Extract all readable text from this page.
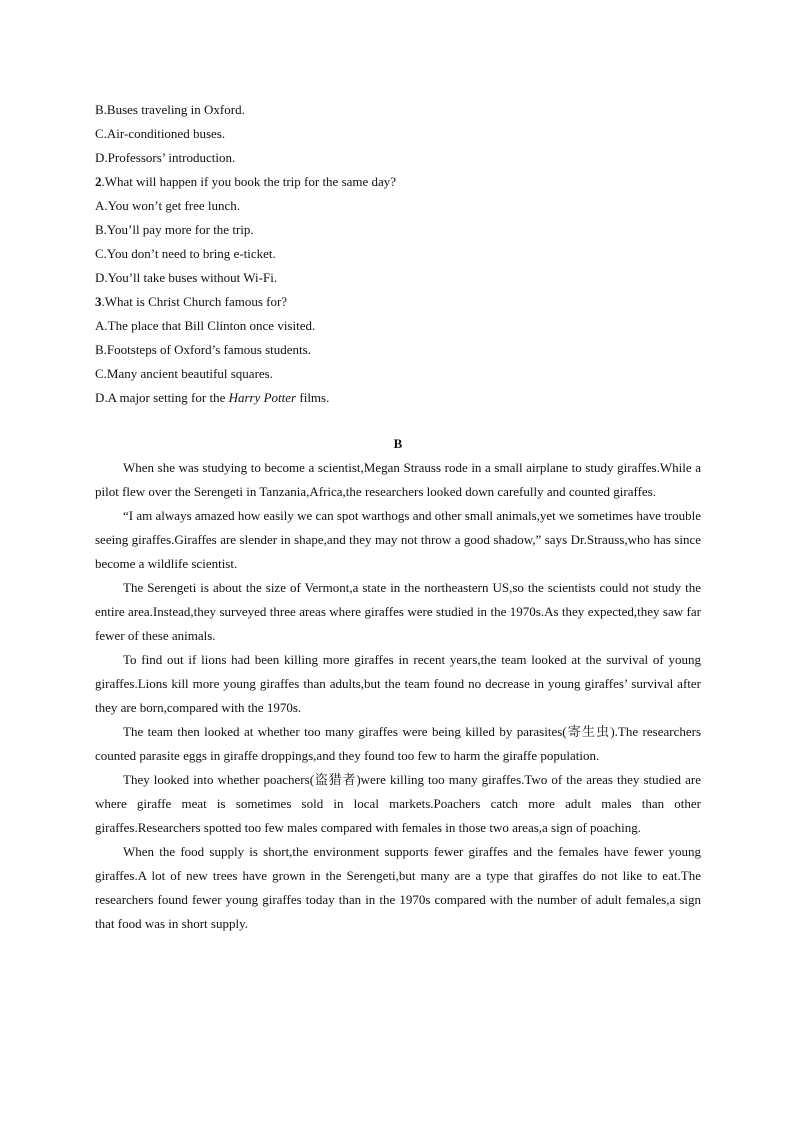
B.Buses traveling in Oxford.
C.Air-conditioned buses.
D.Professors’ introduction.
2.What will happen if you book the trip for the same day?
A.You won’t get free lunch.
B.You’ll pay more for the trip.
C.You don’t need to bring e-ticket.
D.You’ll take buses without Wi-Fi.
3.What is Christ Church famous for?
A.The place that Bill Clinton once visited.
B.Footsteps of Oxford’s famous students.
C.Many ancient beautiful squares.
D.A major setting for the Harry Potter films.
B

When she was studying to become a scientist,Megan Strauss rode in a small airplane to study giraffes.While a pilot flew over the Serengeti in Tanzania,Africa,the researchers looked down carefully and counted giraffes.

“I am always amazed how easily we can spot warthogs and other small animals,yet we sometimes have trouble seeing giraffes.Giraffes are slender in shape,and they may not throw a good shadow,” says Dr.Strauss,who has since become a wildlife scientist.

The Serengeti is about the size of Vermont,a state in the northeastern US,so the scientists could not study the entire area.Instead,they surveyed three areas where giraffes were studied in the 1970s.As they expected,they saw far fewer of these animals.

To find out if lions had been killing more giraffes in recent years,the team looked at the survival of young giraffes.Lions kill more young giraffes than adults,but the team found no decrease in young giraffes’ survival after they are born,compared with the 1970s.

The team then looked at whether too many giraffes were being killed by parasites(寄生虫).The researchers counted parasite eggs in giraffe droppings,and they found too few to harm the giraffe population.

They looked into whether poachers(盗猎者)were killing too many giraffes.Two of the areas they studied are where giraffe meat is sometimes sold in local markets.Poachers catch more adult males than other giraffes.Researchers spotted too few males compared with females in those two areas,a sign of poaching.

When the food supply is short,the environment supports fewer giraffes and the females have fewer young giraffes.A lot of new trees have grown in the Serengeti,but many are a type that giraffes do not like to eat.The researchers found fewer young giraffes today than in the 1970s compared with the number of adult females,a sign that food was in short supply.
